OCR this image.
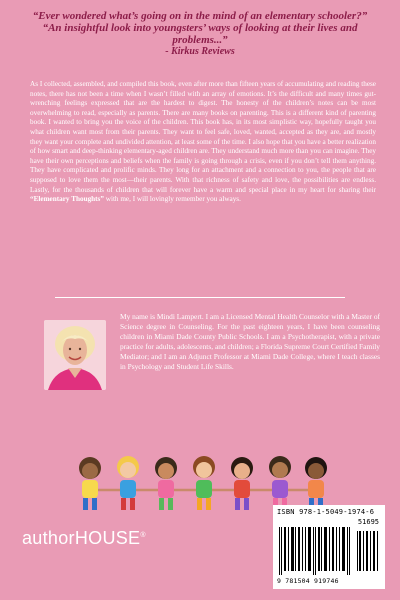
“Ever wondered what’s going on in the mind of an elementary schooler?”
“An insightful look into youngsters’ ways of looking at their lives and problems...”
- Kirkus Reviews
As I collected, assembled, and compiled this book, even after more than fifteen years of accumulating and reading these notes, there has not been a time when I wasn’t filled with an array of emotions. It’s the difficult and many times gut-wrenching feelings expressed that are the hardest to digest. The honesty of the children’s notes can be most overwhelming to read, especially as parents. There are many books on parenting. This is a different kind of parenting book. I wanted to bring you the voice of the children. This book has, in its most simplistic way, hopefully taught you what children want most from their parents. They want to feel safe, loved, wanted, accepted as they are, and mostly they want your complete and undivided attention, at least some of the time. I also hope that you have a better realization of how smart and deep-thinking elementary-aged children are. They understand much more than you can imagine. They have their own perceptions and beliefs when the family is going through a crisis, even if you don’t tell them anything. They have complicated and prolific minds. They long for an attachment and a connection to you, the people that are supposed to love them the most—their parents. With that richness of safety and love, the possibilities are endless. Lastly, for the thousands of children that will forever have a warm and special place in my heart for sharing their “Elementary Thoughts” with me, I will lovingly remember you always.
My name is Mindi Lampert. I am a Licensed Mental Health Counselor with a Master of Science degree in Counseling. For the past eighteen years, I have been counseling children in Miami Dade County Public Schools. I am a Psychotherapist, with a private practice for adults, adolescents, and children; a Florida Supreme Court Certified Family Mediator; and I am an Adjunct Professor at Miami Dade College, where I teach classes in Psychology and Student Life Skills.
authorHOUSE®
ISBN 978-1-5049-1974-6
51695
9 781504 919746
